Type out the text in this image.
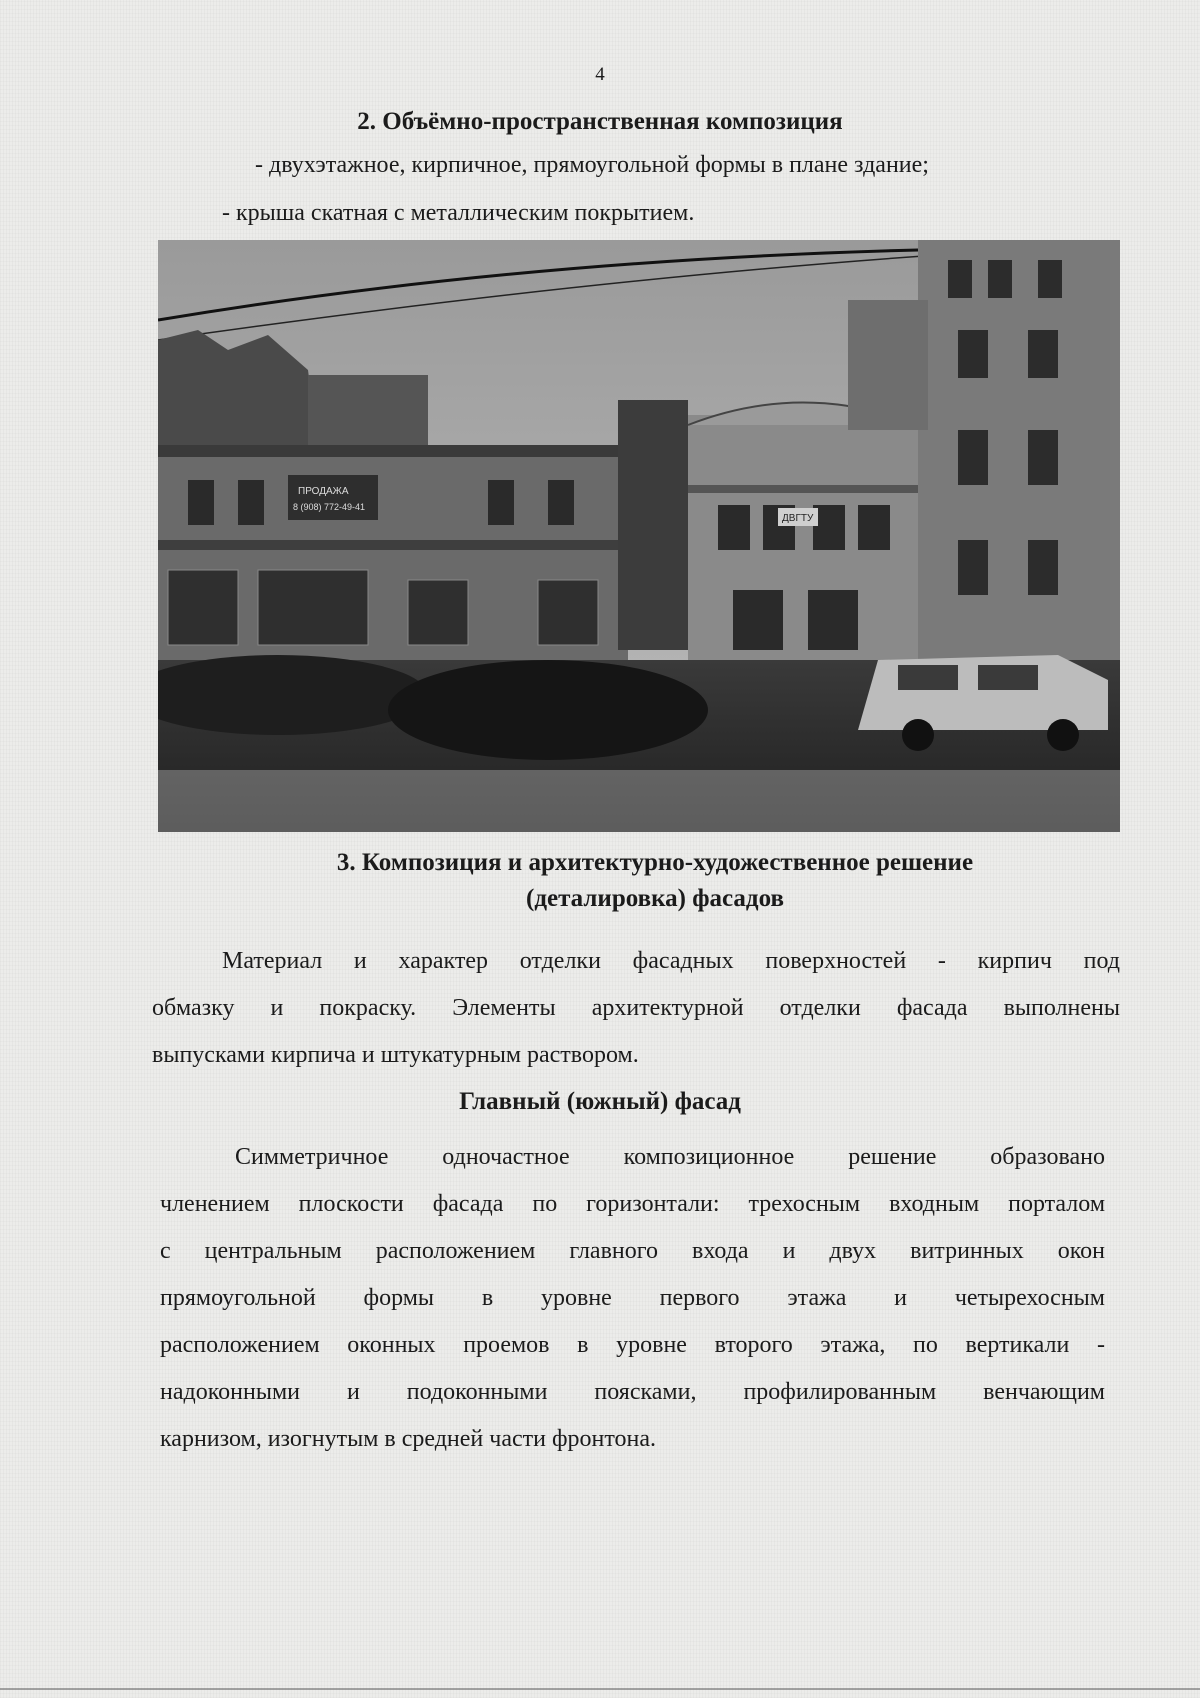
4
2. Объёмно-пространственная композиция
- двухэтажное, кирпичное, прямоугольной формы в плане здание;
- крыша скатная с металлическим покрытием.
ПРОДАЖА
8 (908) 772-49-41
ДВГТУ
3. Композиция и архитектурно-художественное решение
(деталировка) фасадов
Материал и характер отделки фасадных поверхностей - кирпич под
обмазку и покраску. Элементы архитектурной отделки фасада выполнены
выпусками кирпича и штукатурным раствором.
Главный (южный) фасад
Симметричное одночастное композиционное решение образовано
членением плоскости фасада по горизонтали: трехосным входным порталом
с центральным расположением главного входа и двух витринных окон
прямоугольной формы в уровне первого этажа и четырехосным
расположением оконных проемов в уровне второго этажа, по вертикали -
надоконными и подоконными поясками, профилированным венчающим
карнизом, изогнутым в средней части фронтона.
